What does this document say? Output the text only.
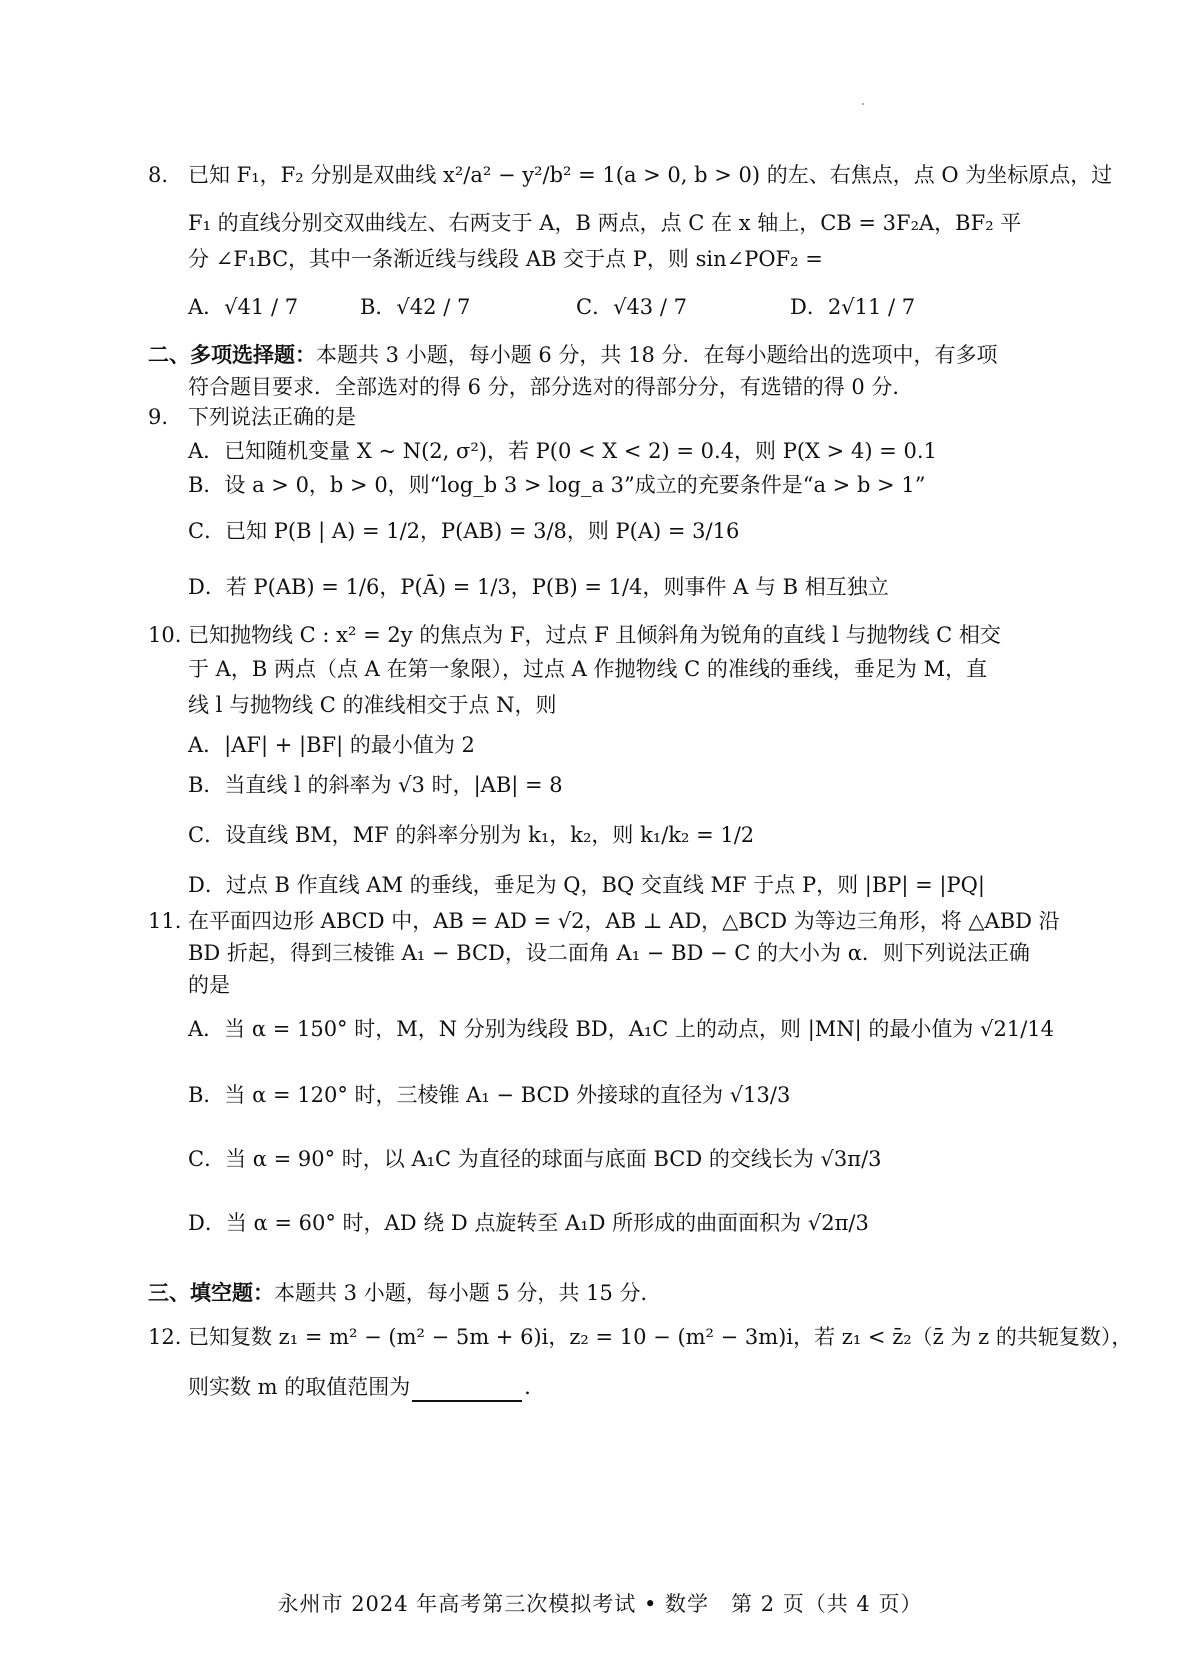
8. 已知 F₁，F₂ 分别是双曲线 x²/a² − y²/b² = 1(a > 0, b > 0) 的左、右焦点，点 O 为坐标原点，过
F₁ 的直线分别交双曲线左、右两支于 A，B 两点，点 C 在 x 轴上，CB = 3F₂A，BF₂ 平
分 ∠F₁BC，其中一条渐近线与线段 AB 交于点 P，则 sin∠POF₂ =
A．√41 / 7	B．√42 / 7	C．√43 / 7	D．2√11 / 7
二、多项选择题：本题共 3 小题，每小题 6 分，共 18 分．在每小题给出的选项中，有多项
符合题目要求．全部选对的得 6 分，部分选对的得部分分，有选错的得 0 分．
9. 下列说法正确的是
A．已知随机变量 X ~ N(2, σ²)，若 P(0 < X < 2) = 0.4，则 P(X > 4) = 0.1
B．设 a > 0，b > 0，则“log_b 3 > log_a 3”成立的充要条件是“a > b > 1”
C．已知 P(B | A) = 1/2，P(AB) = 3/8，则 P(A) = 3/16
D．若 P(AB) = 1/6，P(Ā) = 1/3，P(B) = 1/4，则事件 A 与 B 相互独立
10. 已知抛物线 C : x² = 2y 的焦点为 F，过点 F 且倾斜角为锐角的直线 l 与抛物线 C 相交
于 A，B 两点（点 A 在第一象限），过点 A 作抛物线 C 的准线的垂线，垂足为 M，直
线 l 与抛物线 C 的准线相交于点 N，则
A．|AF| + |BF| 的最小值为 2
B．当直线 l 的斜率为 √3 时，|AB| = 8
C．设直线 BM，MF 的斜率分别为 k₁，k₂，则 k₁/k₂ = 1/2
D．过点 B 作直线 AM 的垂线，垂足为 Q，BQ 交直线 MF 于点 P，则 |BP| = |PQ|
11. 在平面四边形 ABCD 中，AB = AD = √2，AB ⊥ AD，△BCD 为等边三角形，将 △ABD 沿
BD 折起，得到三棱锥 A₁ − BCD，设二面角 A₁ − BD − C 的大小为 α．则下列说法正确
的是
A．当 α = 150° 时，M，N 分别为线段 BD，A₁C 上的动点，则 |MN| 的最小值为 √21/14
B．当 α = 120° 时，三棱锥 A₁ − BCD 外接球的直径为 √13/3
C．当 α = 90° 时，以 A₁C 为直径的球面与底面 BCD 的交线长为 √3π/3
D．当 α = 60° 时，AD 绕 D 点旋转至 A₁D 所形成的曲面面积为 √2π/3
三、填空题：本题共 3 小题，每小题 5 分，共 15 分．
12. 已知复数 z₁ = m² − (m² − 5m + 6)i，z₂ = 10 − (m² − 3m)i，若 z₁ < z̄₂（z̄ 为 z 的共轭复数），
则实数 m 的取值范围为	．
永州市 2024 年高考第三次模拟考试 • 数学　第 2 页（共 4 页）
